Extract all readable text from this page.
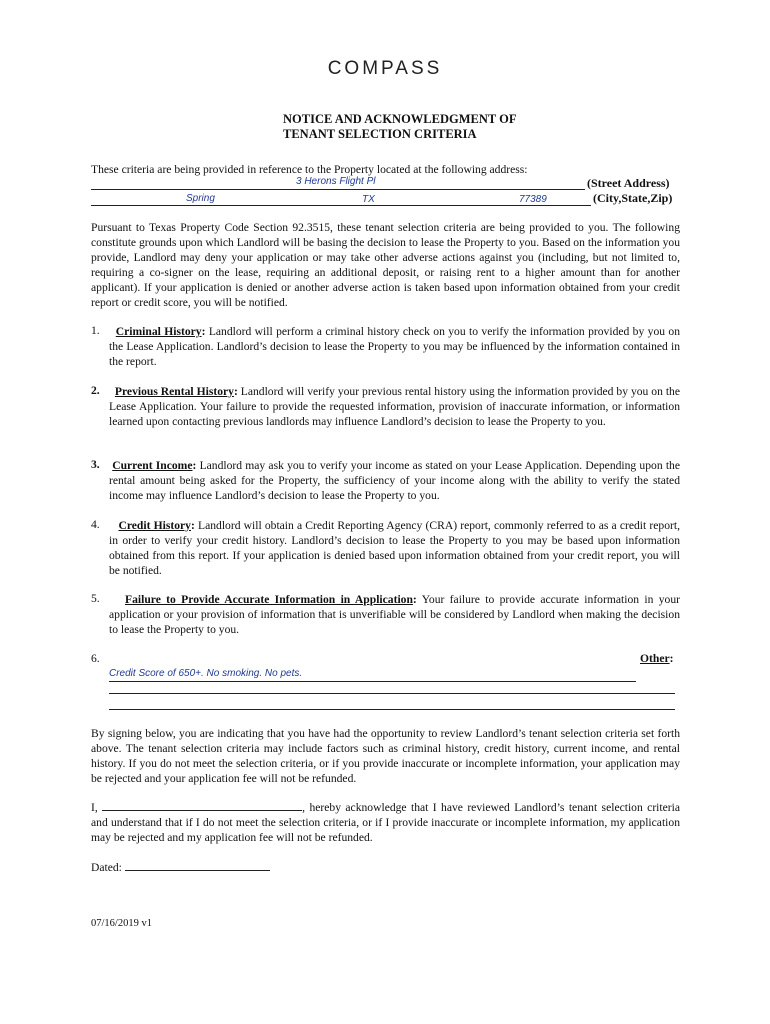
COMPASS
NOTICE AND ACKNOWLEDGMENT OF
TENANT SELECTION CRITERIA
These criteria are being provided in reference to the Property located at the following address:
3 Herons Flight Pl	(Street Address)
Spring	TX	77389	(City,State,Zip)
Pursuant to Texas Property Code Section 92.3515, these tenant selection criteria are being provided to you. The following constitute grounds upon which Landlord will be basing the decision to lease the Property to you. Based on the information you provide, Landlord may deny your application or may take other adverse actions against you (including, but not limited to, requiring a co-signer on the lease, requiring an additional deposit, or raising rent to a higher amount than for another applicant). If your application is denied or another adverse action is taken based upon information obtained from your credit report or credit score, you will be notified.
1.	Criminal History: Landlord will perform a criminal history check on you to verify the information provided by you on the Lease Application. Landlord’s decision to lease the Property to you may be influenced by the information contained in the report.
2.	Previous Rental History: Landlord will verify your previous rental history using the information provided by you on the Lease Application. Your failure to provide the requested information, provision of inaccurate information, or information learned upon contacting previous landlords may influence Landlord’s decision to lease the Property to you.
3. Current Income: Landlord may ask you to verify your income as stated on your Lease Application. Depending upon the rental amount being asked for the Property, the sufficiency of your income along with the ability to verify the stated income may influence Landlord’s decision to lease the Property to you.
4.	Credit History: Landlord will obtain a Credit Reporting Agency (CRA) report, commonly referred to as a credit report, in order to verify your credit history. Landlord’s decision to lease the Property to you may be based upon information obtained from this report. If your application is denied based upon information obtained from your credit report, you will be notified.
5.	Failure to Provide Accurate Information in Application: Your failure to provide accurate information in your application or your provision of information that is unverifiable will be considered by Landlord when making the decision to lease the Property to you.
6.	Other:
Credit Score of 650+. No smoking. No pets.
By signing below, you are indicating that you have had the opportunity to review Landlord’s tenant selection criteria set forth above. The tenant selection criteria may include factors such as criminal history, credit history, current income, and rental history. If you do not meet the selection criteria, or if you provide inaccurate or incomplete information, your application may be rejected and your application fee will not be refunded.
I,	, hereby acknowledge that I have reviewed Landlord’s tenant selection criteria and understand that if I do not meet the selection criteria, or if I provide inaccurate or incomplete information, my application may be rejected and my application fee will not be refunded.
Dated:
07/16/2019 v1
